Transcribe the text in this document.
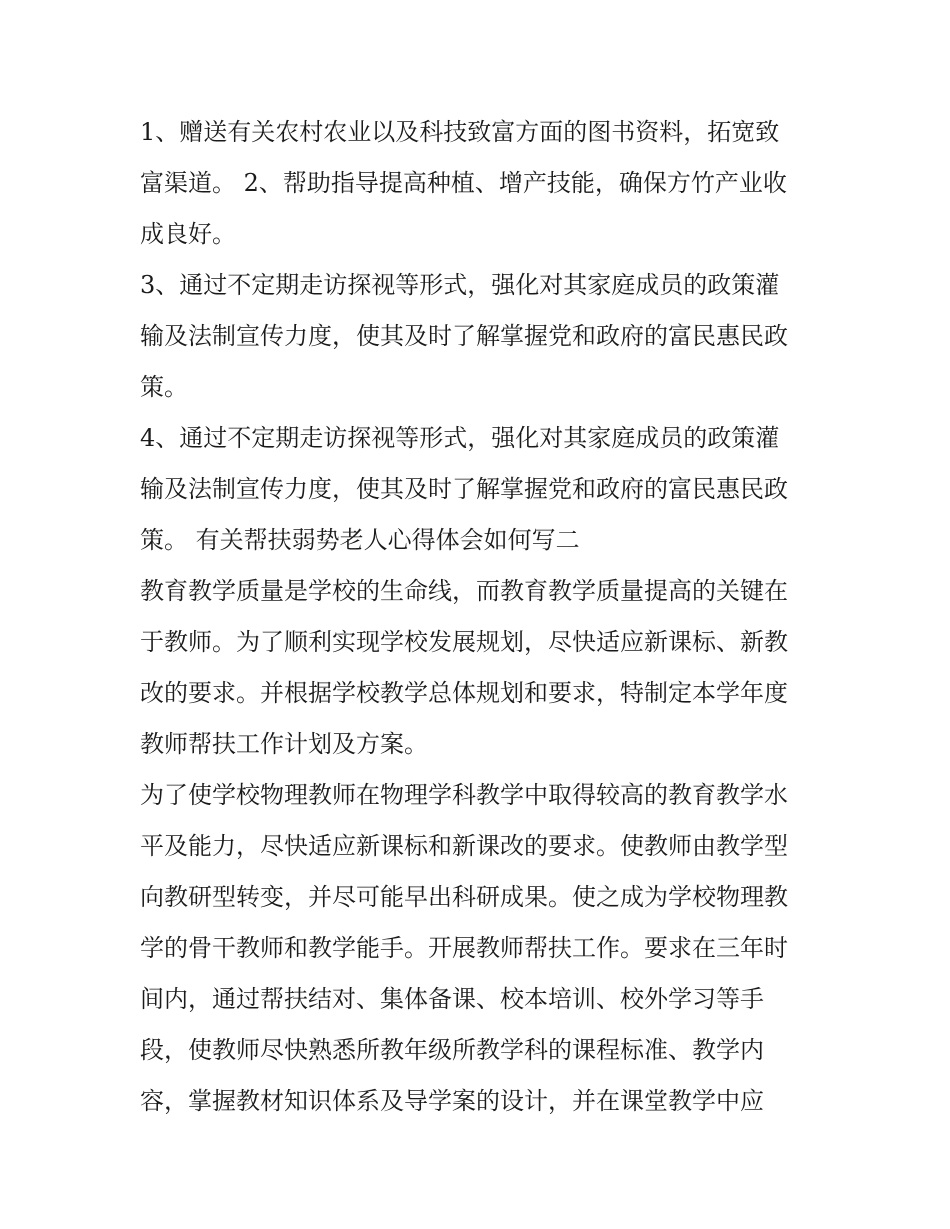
1、赠送有关农村农业以及科技致富方面的图书资料，拓宽致
富渠道。 2、帮助指导提高种植、增产技能，确保方竹产业收
成良好。

3、通过不定期走访探视等形式，强化对其家庭成员的政策灌
输及法制宣传力度，使其及时了解掌握党和政府的富民惠民政
策。

4、通过不定期走访探视等形式，强化对其家庭成员的政策灌
输及法制宣传力度，使其及时了解掌握党和政府的富民惠民政
策。 有关帮扶弱势老人心得体会如何写二

教育教学质量是学校的生命线，而教育教学质量提高的关键在
于教师。为了顺利实现学校发展规划，尽快适应新课标、新教
改的要求。并根据学校教学总体规划和要求，特制定本学年度
教师帮扶工作计划及方案。

为了使学校物理教师在物理学科教学中取得较高的教育教学水
平及能力，尽快适应新课标和新课改的要求。使教师由教学型
向教研型转变，并尽可能早出科研成果。使之成为学校物理教
学的骨干教师和教学能手。开展教师帮扶工作。要求在三年时
间内，通过帮扶结对、集体备课、校本培训、校外学习等手
段，使教师尽快熟悉所教年级所教学科的课程标准、教学内
容，掌握教材知识体系及导学案的设计，并在课堂教学中应
